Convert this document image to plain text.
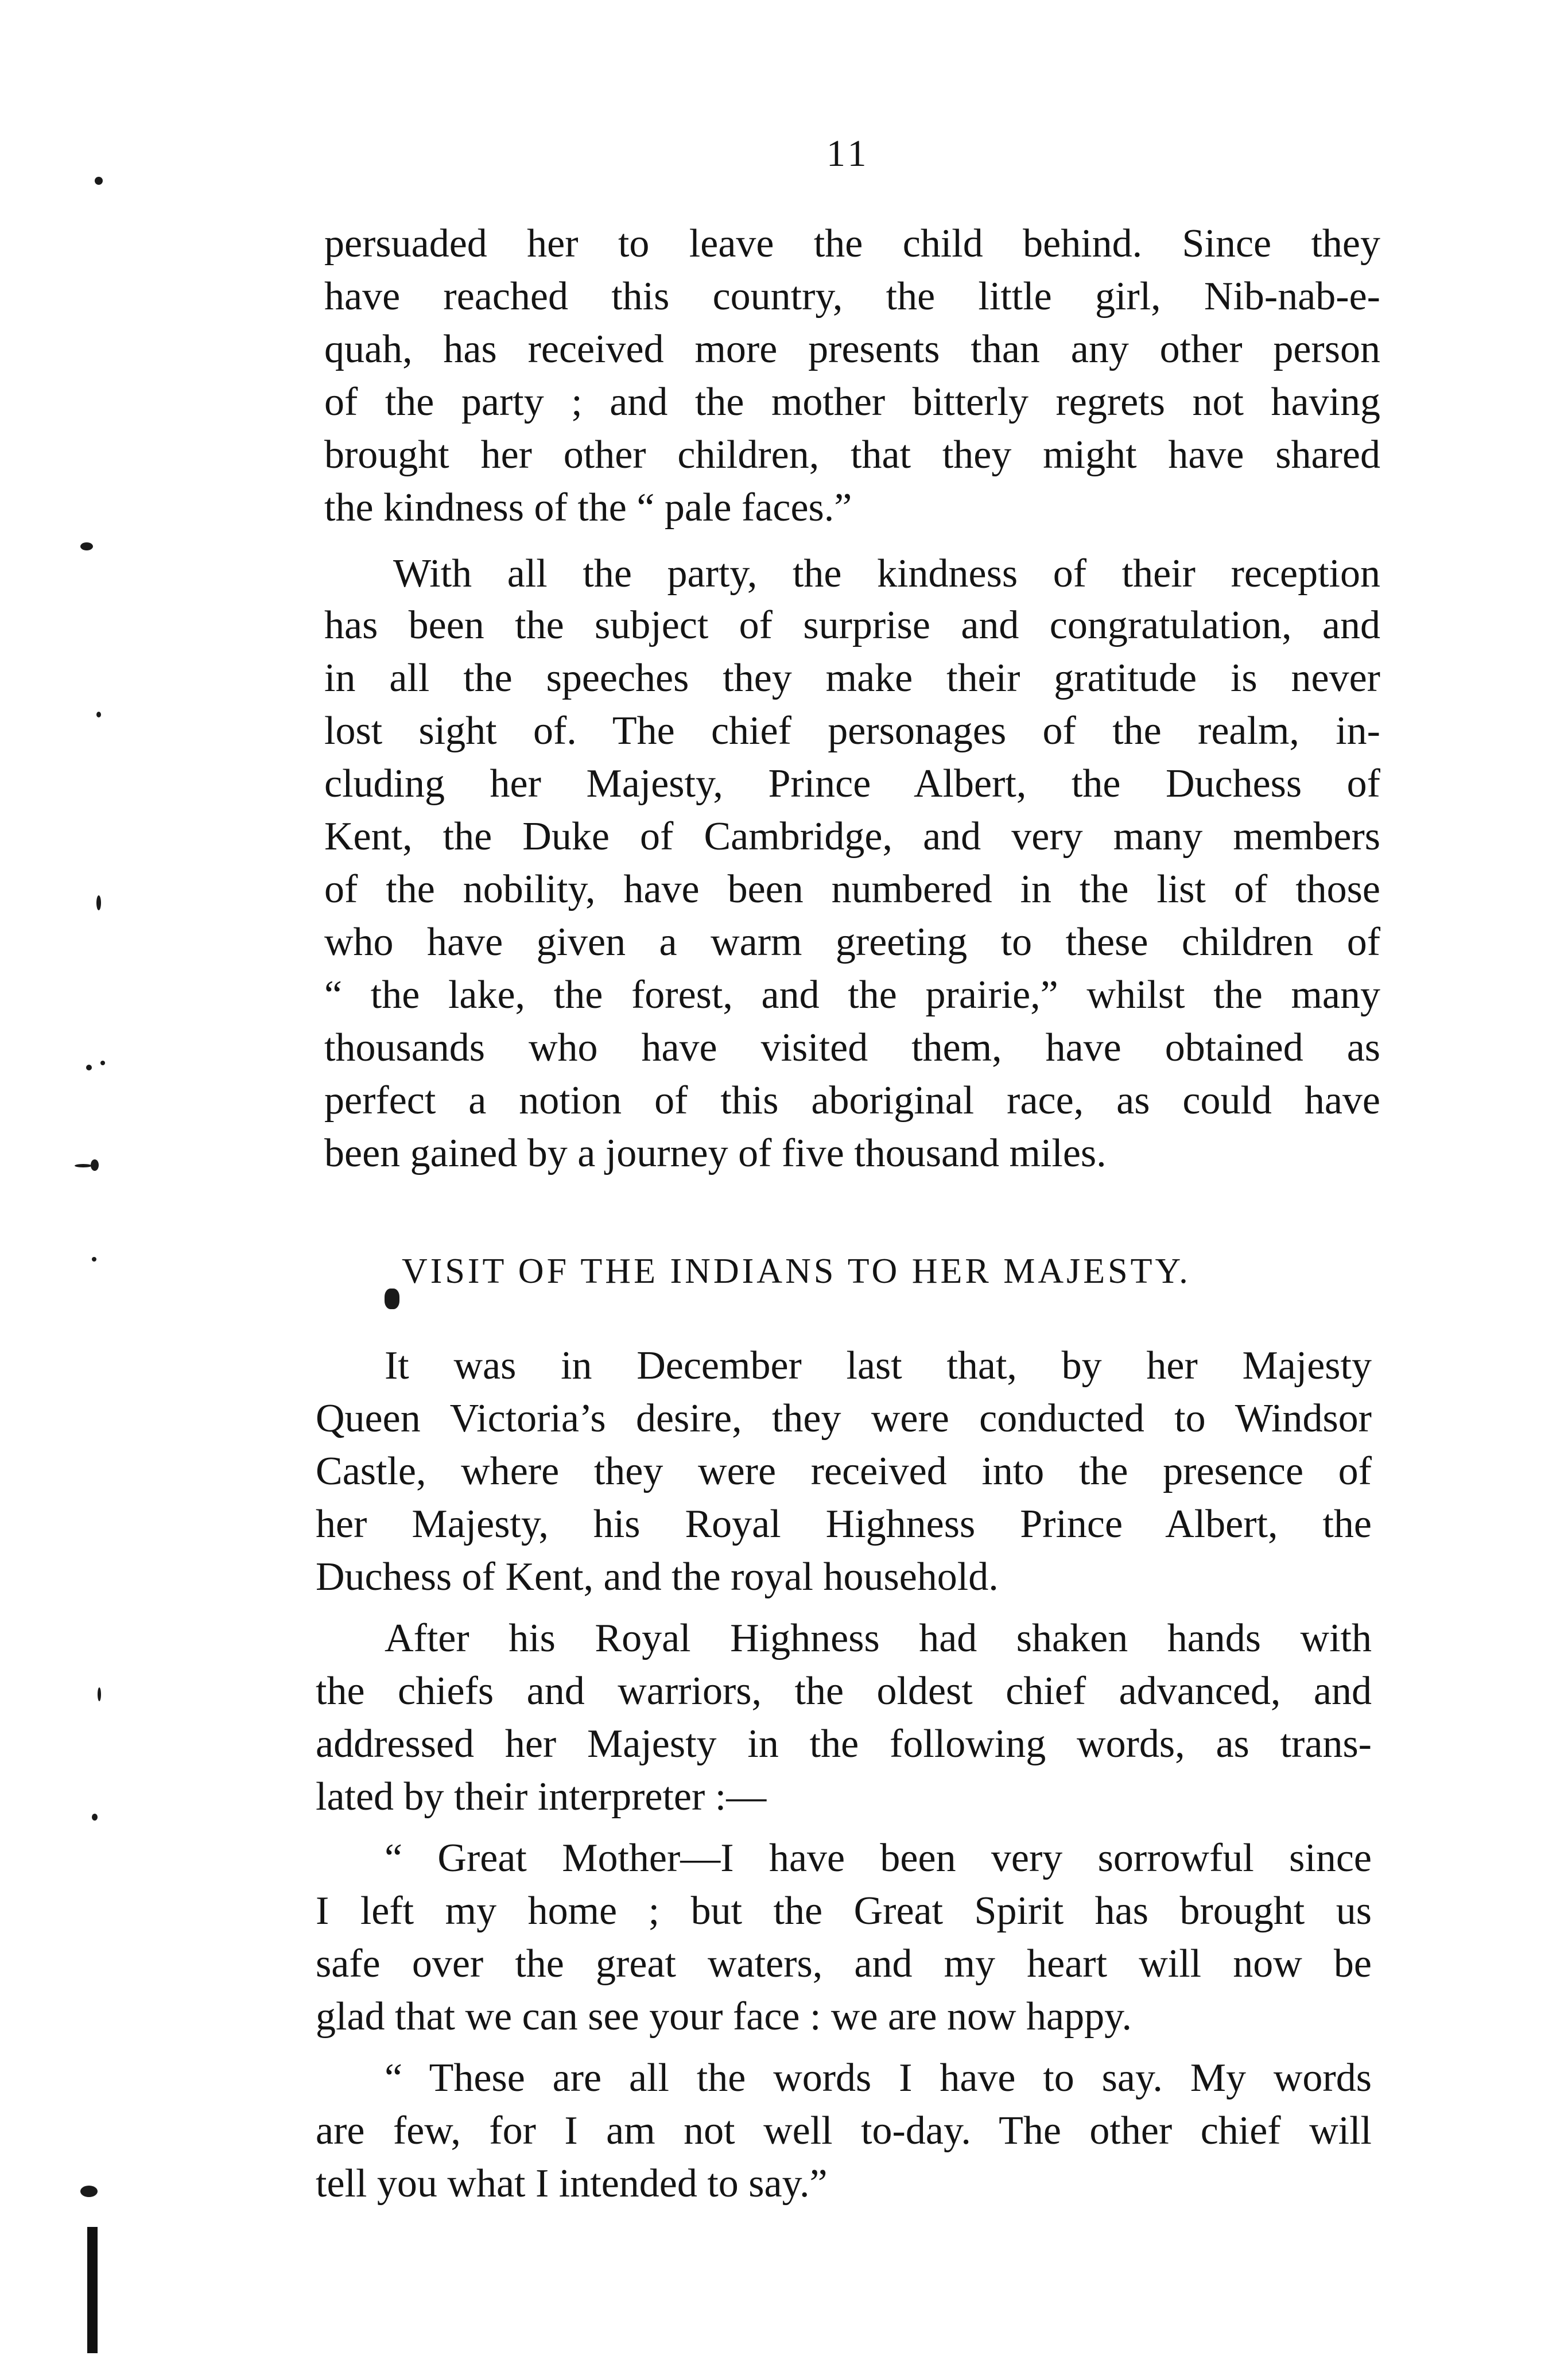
11
persuaded her to leave the child behind. Since they
have reached this country, the little girl, Nib-nab-e-
quah, has received more presents than any other person
of the party ; and the mother bitterly regrets not having
brought her other children, that they might have shared
the kindness of the “ pale faces.”
With all the party, the kindness of their reception
has been the subject of surprise and congratulation, and
in all the speeches they make their gratitude is never
lost sight of. The chief personages of the realm, in-
cluding her Majesty, Prince Albert, the Duchess of
Kent, the Duke of Cambridge, and very many members
of the nobility, have been numbered in the list of those
who have given a warm greeting to these children of
“ the lake, the forest, and the prairie,” whilst the many
thousands who have visited them, have obtained as
perfect a notion of this aboriginal race, as could have
been gained by a journey of five thousand miles.
VISIT OF THE INDIANS TO HER MAJESTY.
It was in December last that, by her Majesty
Queen Victoria’s desire, they were conducted to Windsor
Castle, where they were received into the presence of
her Majesty, his Royal Highness Prince Albert, the
Duchess of Kent, and the royal household.
After his Royal Highness had shaken hands with
the chiefs and warriors, the oldest chief advanced, and
addressed her Majesty in the following words, as trans-
lated by their interpreter :—
“ Great Mother—I have been very sorrowful since
I left my home ; but the Great Spirit has brought us
safe over the great waters, and my heart will now be
glad that we can see your face : we are now happy.
“ These are all the words I have to say. My words
are few, for I am not well to-day. The other chief will
tell you what I intended to say.”
